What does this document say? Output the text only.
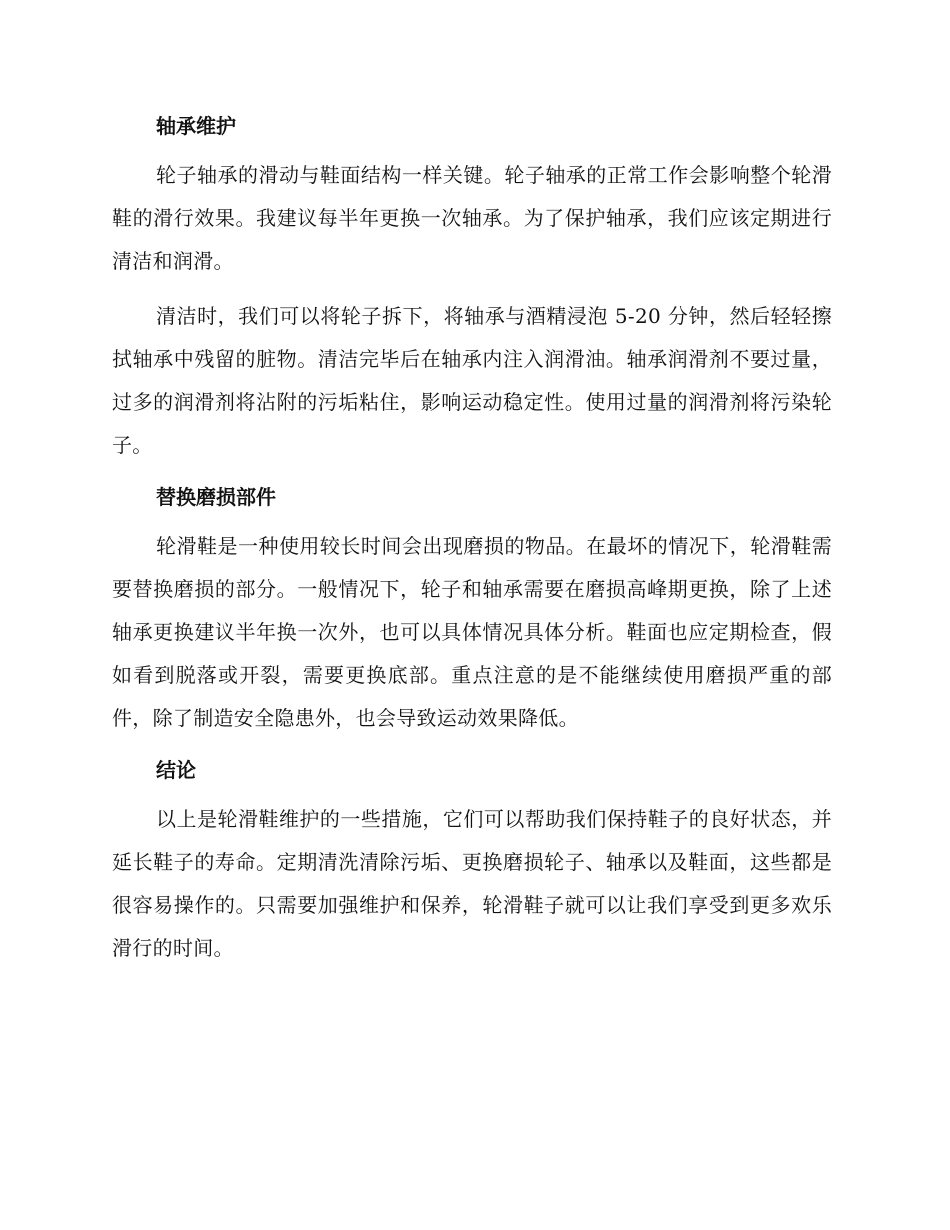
轴承维护

轮子轴承的滑动与鞋面结构一样关键。轮子轴承的正常工作会影响整个轮滑鞋的滑行效果。我建议每半年更换一次轴承。为了保护轴承，我们应该定期进行清洁和润滑。

清洁时，我们可以将轮子拆下，将轴承与酒精浸泡 5-20 分钟，然后轻轻擦拭轴承中残留的脏物。清洁完毕后在轴承内注入润滑油。轴承润滑剂不要过量，过多的润滑剂将沾附的污垢粘住，影响运动稳定性。使用过量的润滑剂将污染轮子。

替换磨损部件

轮滑鞋是一种使用较长时间会出现磨损的物品。在最坏的情况下，轮滑鞋需要替换磨损的部分。一般情况下，轮子和轴承需要在磨损高峰期更换，除了上述轴承更换建议半年换一次外，也可以具体情况具体分析。鞋面也应定期检查，假如看到脱落或开裂，需要更换底部。重点注意的是不能继续使用磨损严重的部件，除了制造安全隐患外，也会导致运动效果降低。

结论

以上是轮滑鞋维护的一些措施，它们可以帮助我们保持鞋子的良好状态，并延长鞋子的寿命。定期清洗清除污垢、更换磨损轮子、轴承以及鞋面，这些都是很容易操作的。只需要加强维护和保养，轮滑鞋子就可以让我们享受到更多欢乐滑行的时间。
